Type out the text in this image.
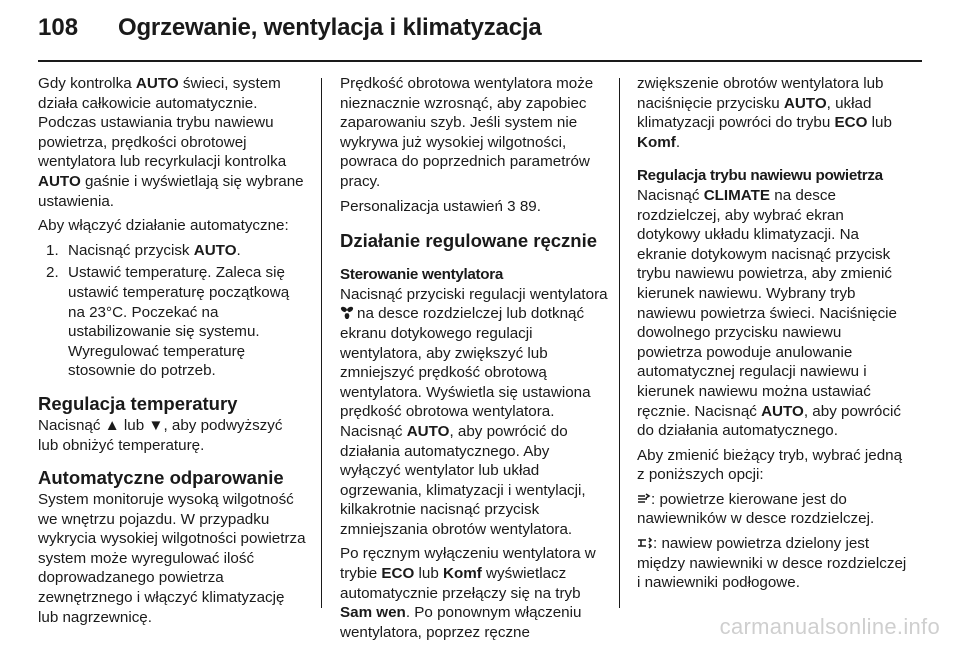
108	Ogrzewanie, wentylacja i klimatyzacja

Gdy kontrolka AUTO świeci, system działa całkowicie automatycznie. Podczas ustawiania trybu nawiewu powietrza, prędkości obrotowej wentylatora lub recyrkulacji kontrolka AUTO gaśnie i wyświetlają się wybrane ustawienia.

Aby włączyć działanie automatyczne:

1. Nacisnąć przycisk AUTO.
2. Ustawić temperaturę. Zaleca się ustawić temperaturę początkową na 23°C. Poczekać na ustabilizowanie się systemu. Wyregulować temperaturę stosownie do potrzeb.
Regulacja temperatury

Nacisnąć ▲ lub ▼, aby podwyższyć lub obniżyć temperaturę.

Automatyczne odparowanie

System monitoruje wysoką wilgotność we wnętrzu pojazdu. W przypadku wykrycia wysokiej wilgotności powietrza system może wyregulować ilość doprowadzanego powietrza zewnętrznego i włączyć klimatyzację lub nagrzewnicę.

Prędkość obrotowa wentylatora może nieznacznie wzrosnąć, aby zapobiec zaparowaniu szyb. Jeśli system nie wykrywa już wysokiej wilgotności, powraca do poprzednich parametrów pracy.

Personalizacja ustawień 3 89.

Działanie regulowane ręcznie
Sterowanie wentylatora

Nacisnąć przyciski regulacji wentylatora na desce rozdzielczej lub dotknąć ekranu dotykowego regulacji wentylatora, aby zwiększyć lub zmniejszyć prędkość obrotową wentylatora. Wyświetla się ustawiona prędkość obrotowa wentylatora. Nacisnąć AUTO, aby powrócić do działania automatycznego. Aby wyłączyć wentylator lub układ ogrzewania, klimatyzacji i wentylacji, kilkakrotnie nacisnąć przycisk zmniejszania obrotów wentylatora.

Po ręcznym wyłączeniu wentylatora w trybie ECO lub Komf wyświetlacz automatycznie przełączy się na tryb Sam wen. Po ponownym włączeniu wentylatora, poprzez ręczne

zwiększenie obrotów wentylatora lub naciśnięcie przycisku AUTO, układ klimatyzacji powróci do trybu ECO lub Komf.

Regulacja trybu nawiewu powietrza

Nacisnąć CLIMATE na desce rozdzielczej, aby wybrać ekran dotykowy układu klimatyzacji. Na ekranie dotykowym nacisnąć przycisk trybu nawiewu powietrza, aby zmienić kierunek nawiewu. Wybrany tryb nawiewu powietrza świeci. Naciśnięcie dowolnego przycisku nawiewu powietrza powoduje anulowanie automatycznej regulacji nawiewu i kierunek nawiewu można ustawiać ręcznie. Nacisnąć AUTO, aby powrócić do działania automatycznego.

Aby zmienić bieżący tryb, wybrać jedną z poniższych opcji:

: powietrze kierowane jest do nawiewników w desce rozdzielczej.

: nawiew powietrza dzielony jest między nawiewniki w desce rozdzielczej i nawiewniki podłogowe.

carmanualsonline.info
